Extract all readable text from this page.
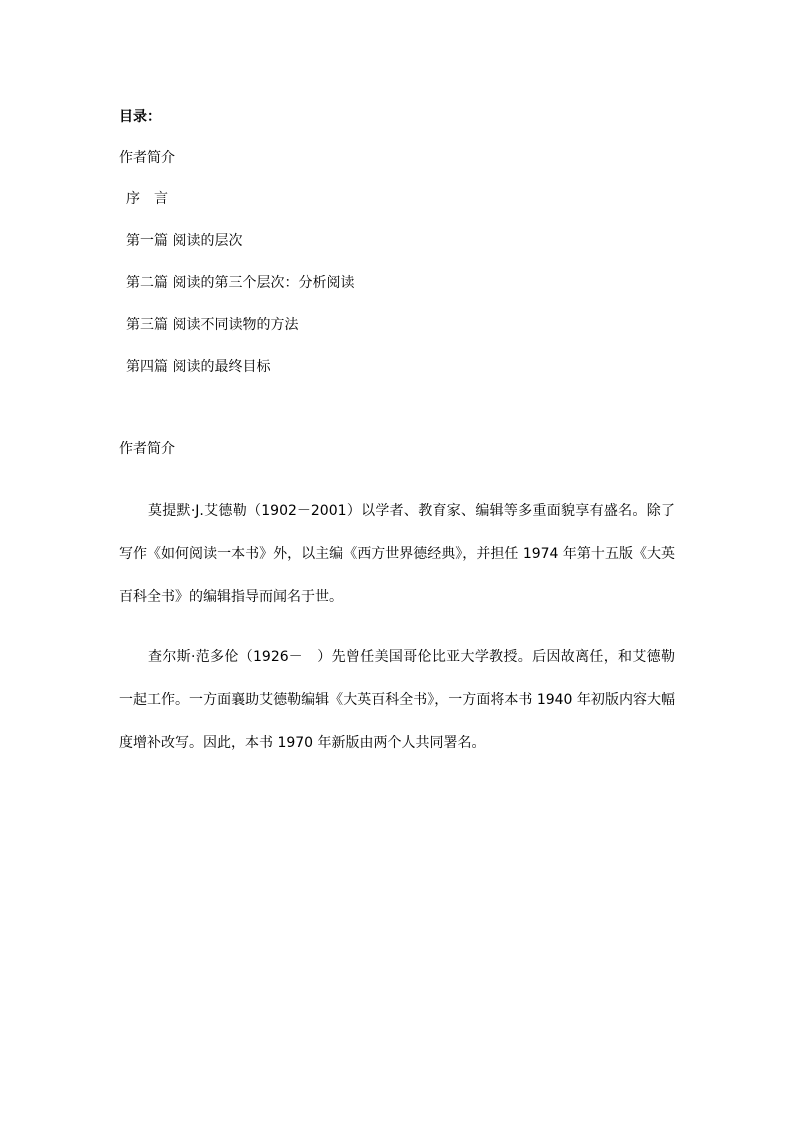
目录：
作者简介
序　言
第一篇 阅读的层次
第二篇 阅读的第三个层次：分析阅读
第三篇 阅读不同读物的方法
第四篇 阅读的最终目标
作者简介

莫提默·J.艾德勒（1902－2001）以学者、教育家、编辑等多重面貌享有盛名。除了写作《如何阅读一本书》外，以主编《西方世界德经典》，并担任 1974 年第十五版《大英百科全书》的编辑指导而闻名于世。

查尔斯·范多伦（1926－　）先曾任美国哥伦比亚大学教授。后因故离任，和艾德勒一起工作。一方面襄助艾德勒编辑《大英百科全书》，一方面将本书 1940 年初版内容大幅度增补改写。因此，本书 1970 年新版由两个人共同署名。
